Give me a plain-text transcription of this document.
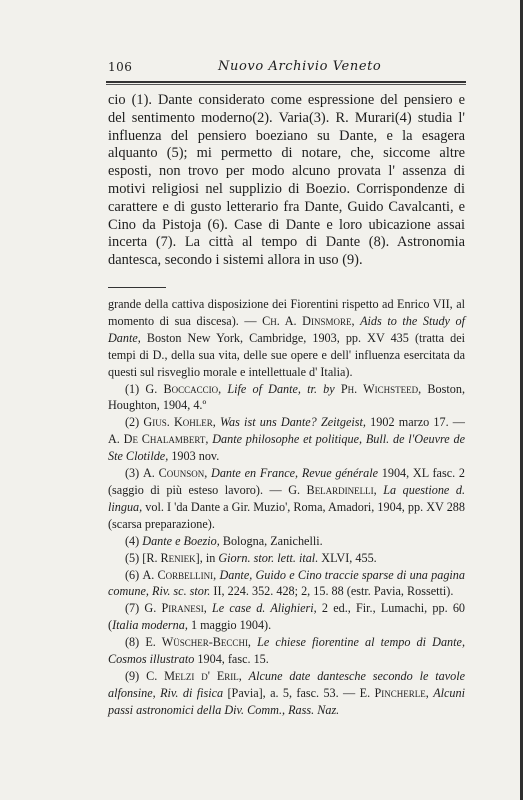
106	Nuovo Archivio Veneto

cio (1). Dante considerato come espressione del pensiero e del sentimento moderno(2). Varia(3). R. Murari(4) studia l' influenza del pensiero boeziano su Dante, e la esagera alquanto (5); mi permetto di notare, che, siccome altre esposti, non trovo per modo alcuno provata l' assenza di motivi religiosi nel supplizio di Boezio. Corrispondenze di carattere e di gusto letterario fra Dante, Guido Cavalcanti, e Cino da Pistoja (6). Case di Dante e loro ubicazione assai incerta (7). La città al tempo di Dante (8). Astronomia dantesca, secondo i sistemi allora in uso (9).

grande della cattiva disposizione dei Fiorentini rispetto ad Enrico VII, al momento di sua discesa). — Ch. A. Dinsmore, Aids to the Study of Dante, Boston New York, Cambridge, 1903, pp. XV 435 (tratta dei tempi di D., della sua vita, delle sue opere e dell' influenza esercitata da questi sul risveglio morale e intellettuale d' Italia).

(1) G. Boccaccio, Life of Dante, tr. by Ph. Wichsteed, Boston, Houghton, 1904, 4.º

(2) Gius. Kohler, Was ist uns Dante? Zeitgeist, 1902 marzo 17. — A. De Chalambert, Dante philosophe et politique, Bull. de l'Oeuvre de Ste Clotilde, 1903 nov.

(3) A. Counson, Dante en France, Revue générale 1904, XL fasc. 2 (saggio di più esteso lavoro). — G. Belardinelli, La questione d. lingua, vol. I 'da Dante a Gir. Muzio', Roma, Amadori, 1904, pp. XV 288 (scarsa preparazione).

(4) Dante e Boezio, Bologna, Zanichelli.

(5) [R. Reniek], in Giorn. stor. lett. ital. XLVI, 455.

(6) A. Corbellini, Dante, Guido e Cino traccie sparse di una pagina comune, Riv. sc. stor. II, 224. 352. 428; 2, 15. 88 (estr. Pavia, Rossetti).

(7) G. Piranesi, Le case d. Alighieri, 2 ed., Fir., Lumachi, pp. 60 (Italia moderna, 1 maggio 1904).

(8) E. Wüscher-Becchi, Le chiese fiorentine al tempo di Dante, Cosmos illustrato 1904, fasc. 15.

(9) C. Melzi d' Eril, Alcune date dantesche secondo le tavole alfonsine, Riv. di fisica [Pavia], a. 5, fasc. 53. — E. Pincherle, Alcuni passi astronomici della Div. Comm., Rass. Naz.
